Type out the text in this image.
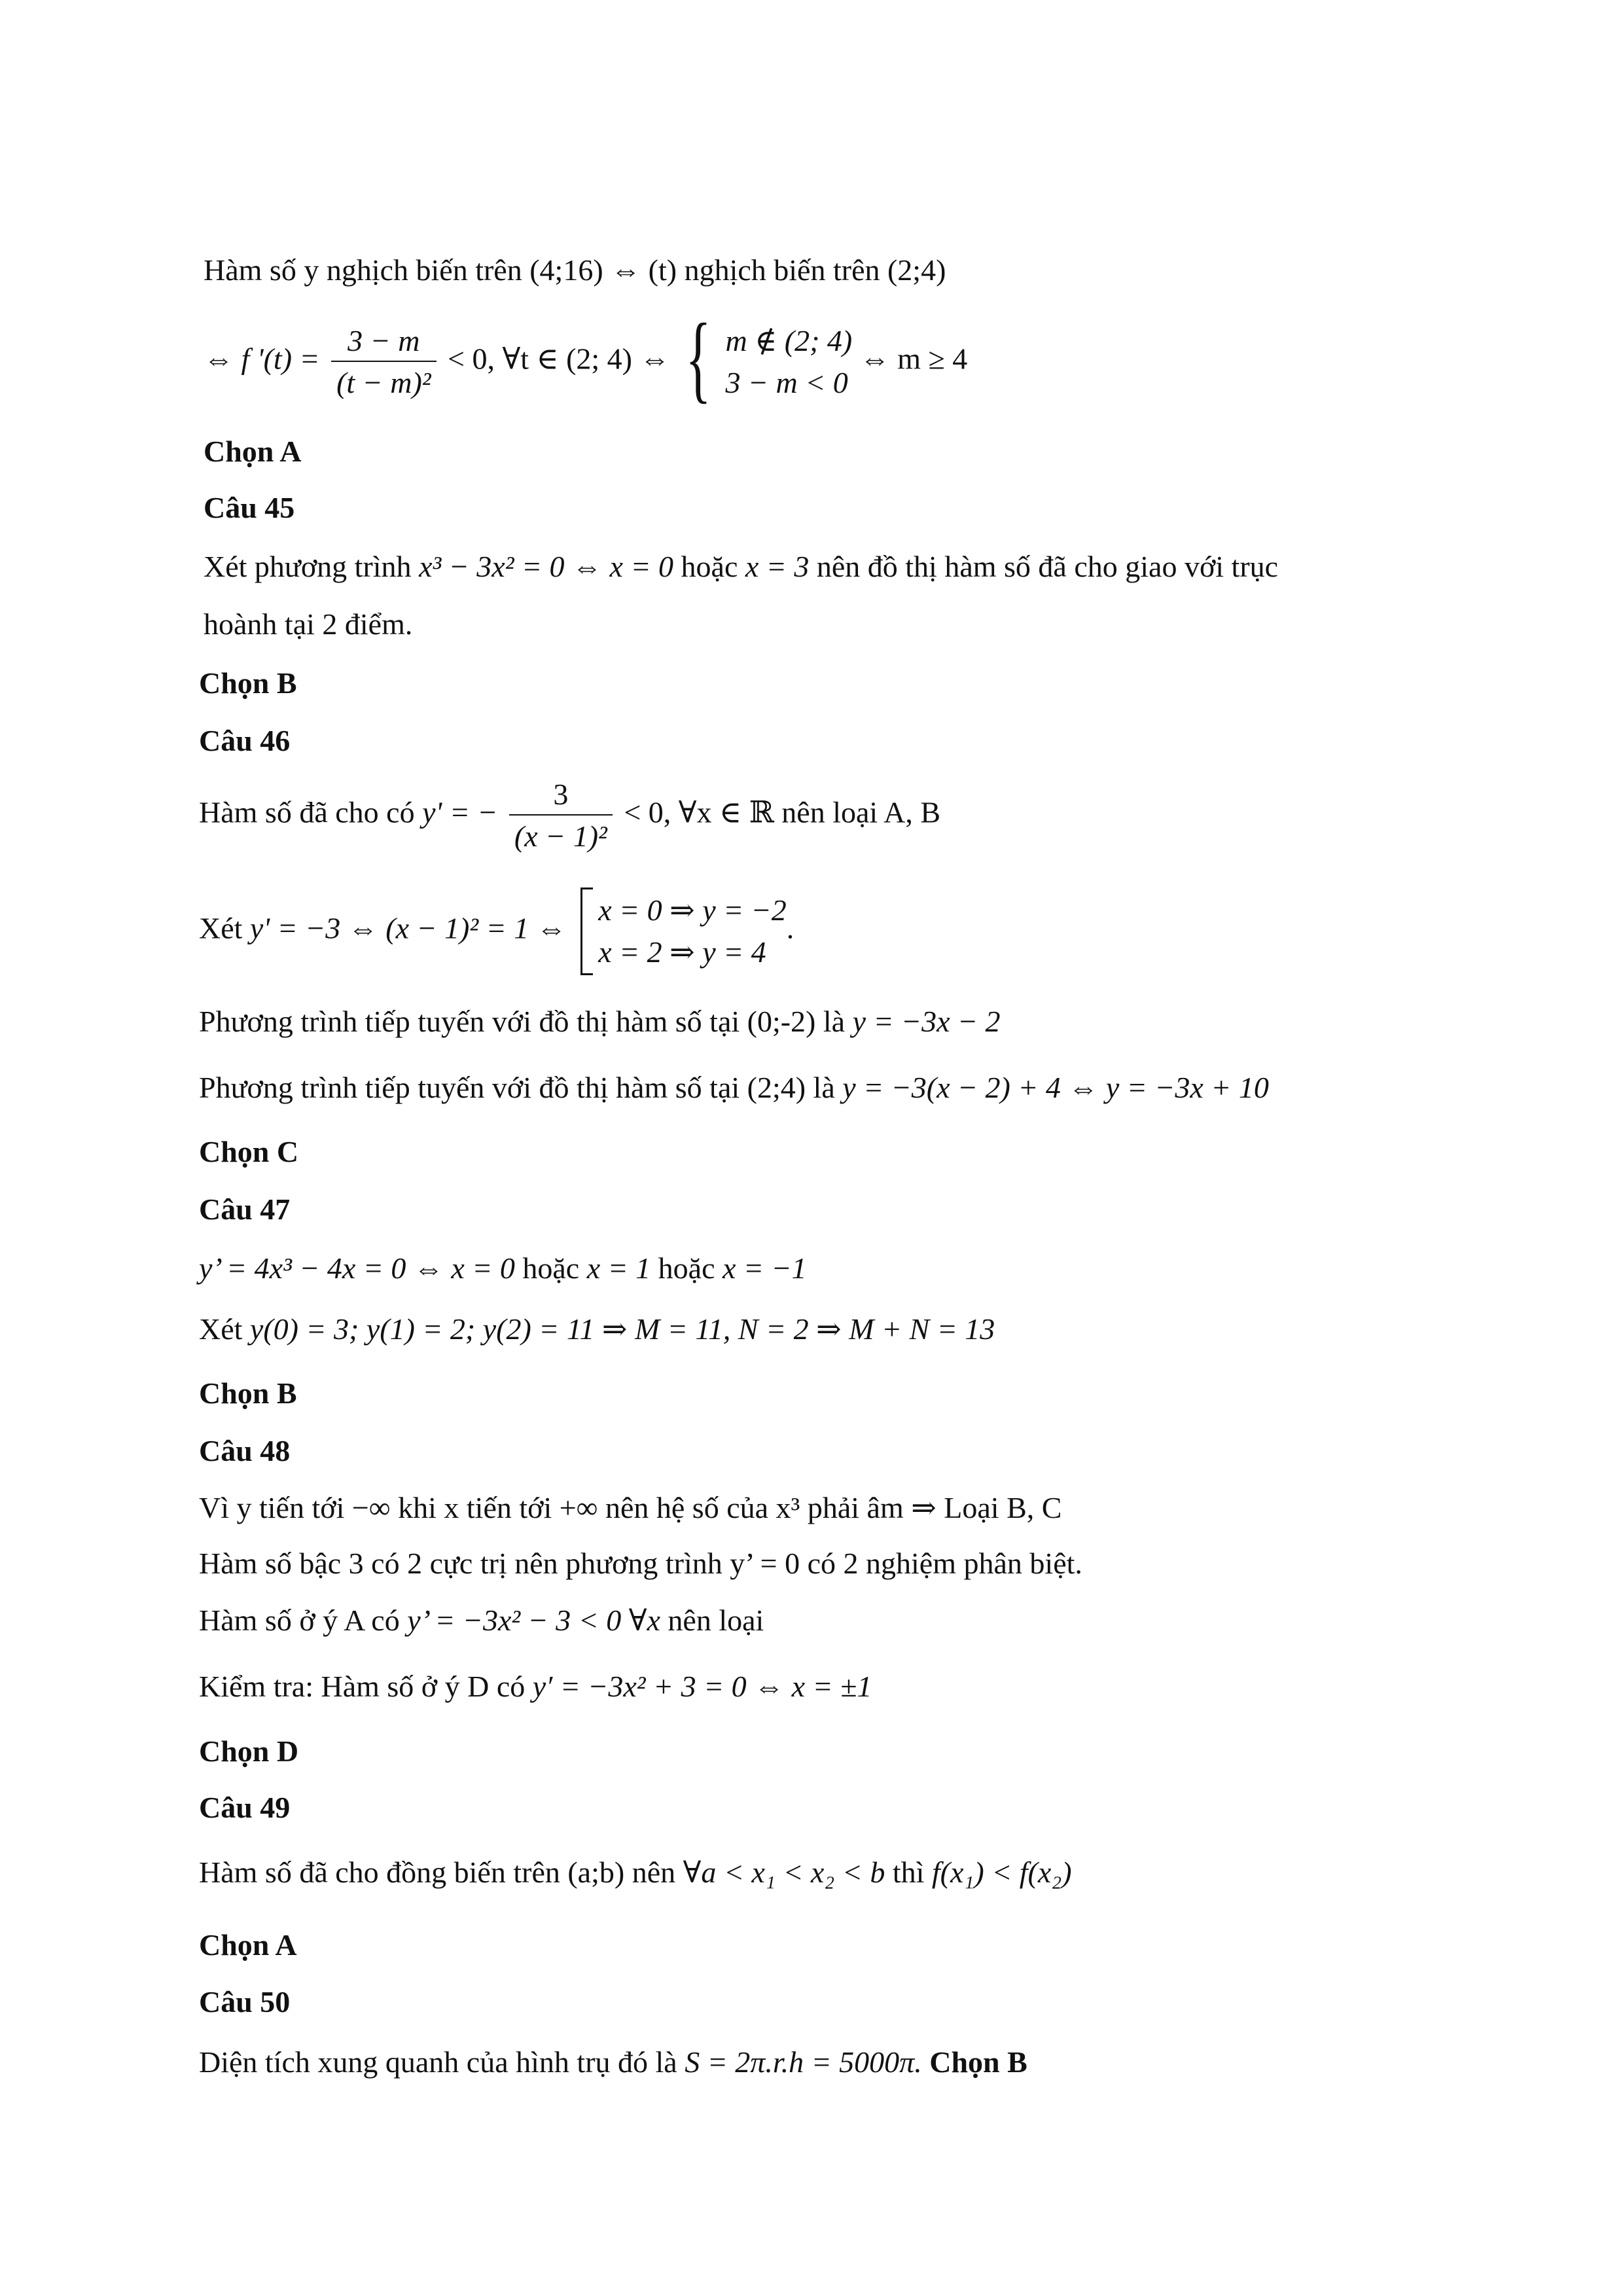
Hàm số y nghịch biến trên (4;16) ⇔ (t) nghịch biến trên (2;4)
⇔ f '$(t) = \frac{3 - m}{\text{(t − m)²}} < 0$, ∀t ∈ (2; 4) ⇔ { m ∉ (2; 4)
3 − m < 0
⇔ m ≥ 4
Chọn A
Câu 45
Xét phương trình x³ − 3x² = 0 ⇔ x = 0 hoặc x = 3 nên đồ thị hàm số đã cho giao với trục
hoành tại 2 điểm.
Chọn B
Câu 46
Hàm số đã cho có y' = − $\frac{3}{\text{(x − 1)²}} < 0$, ∀x ∈ ℝ nên loại A, B
Xét y' = −3 ⇔ (x − 1)² = 1 ⇔
x = 0 ⇒ y = −2
x = 2 ⇒ y = 4
.
Phương trình tiếp tuyến với đồ thị hàm số tại (0;-2) là y = −3x − 2
Phương trình tiếp tuyến với đồ thị hàm số tại (2;4) là y = −3(x − 2) + 4 ⇔ y = −3x + 10
Chọn C
Câu 47
y’ = 4x³ − 4x = 0 ⇔ x = 0 hoặc x = 1 hoặc x = −1
Xét y(0) = 3; y(1) = 2; y(2) = 11 ⇒ M = 11, N = 2 ⇒ M + N = 13
Chọn B
Câu 48
Vì y tiến tới −∞ khi x tiến tới +∞ nên hệ số của x³ phải âm ⇒ Loại B, C
Hàm số bậc 3 có 2 cực trị nên phương trình y’ = 0 có 2 nghiệm phân biệt.
Hàm số ở ý A có y’ = −3x² − 3 < 0 ∀x nên loại
Kiểm tra: Hàm số ở ý D có y′ = −3x² + 3 = 0 ⇔ x = ±1
Chọn D
Câu 49
Hàm số đã cho đồng biến trên (a;b) nên ∀a < x₁ < x₂ < b thì f(x₁) < f(x₂)
Chọn A
Câu 50
Diện tích xung quanh của hình trụ đó là S = 2π.r.h = 5000π. Chọn B
